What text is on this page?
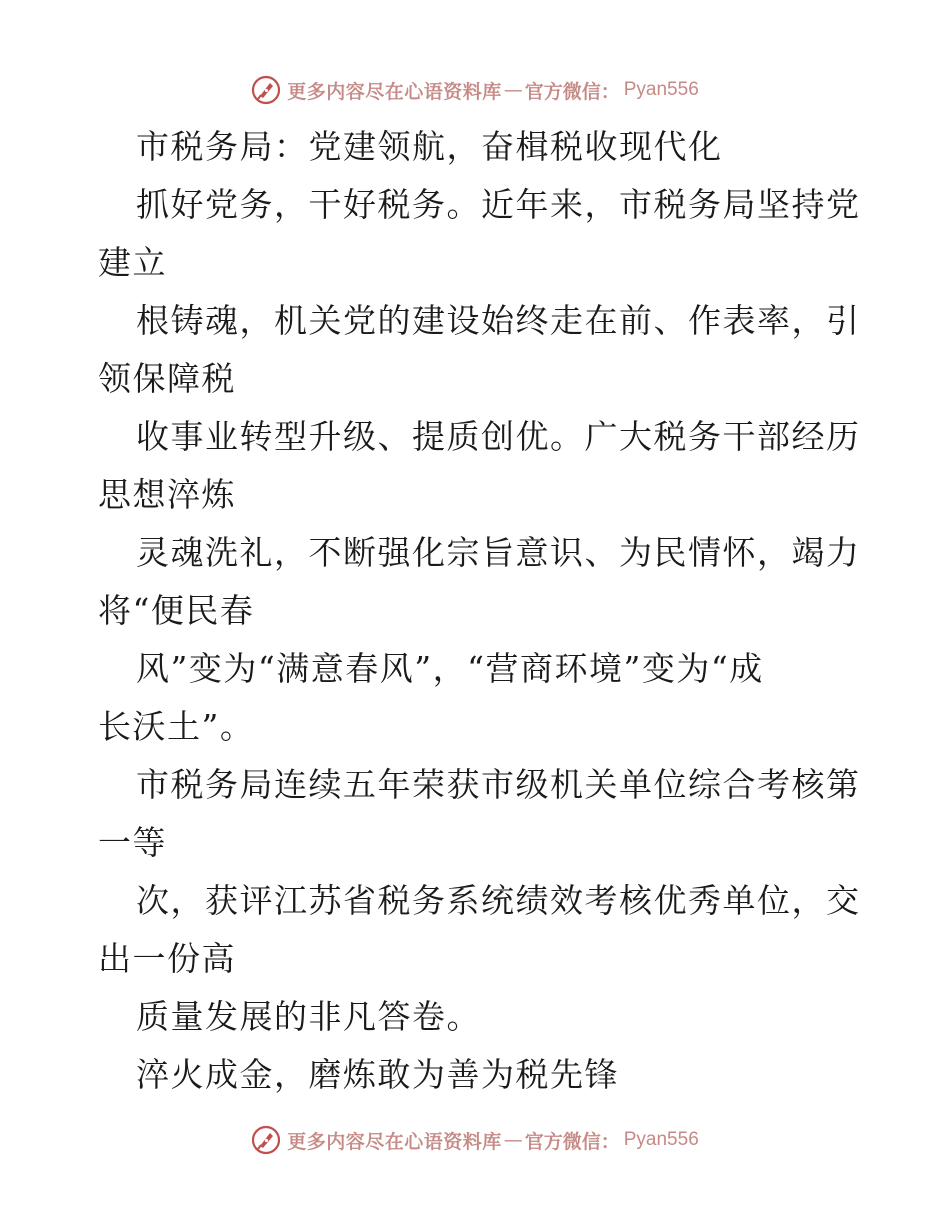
更多内容尽在心语资料库 — 官方微信： Pyan556
市税务局：党建领航，奋楫税收现代化
抓好党务，干好税务。近年来，市税务局坚持党
建立
根铸魂，机关党的建设始终走在前、作表率，引
领保障税
收事业转型升级、提质创优。广大税务干部经历
思想淬炼
灵魂洗礼，不断强化宗旨意识、为民情怀，竭力
将“便民春
风”变为“满意春风”，“营商环境”变为“成
长沃土”。
市税务局连续五年荣获市级机关单位综合考核第
一等
次，获评江苏省税务系统绩效考核优秀单位，交
出一份高
质量发展的非凡答卷。
淬火成金，磨炼敢为善为税先锋
更多内容尽在心语资料库 — 官方微信： Pyan556
